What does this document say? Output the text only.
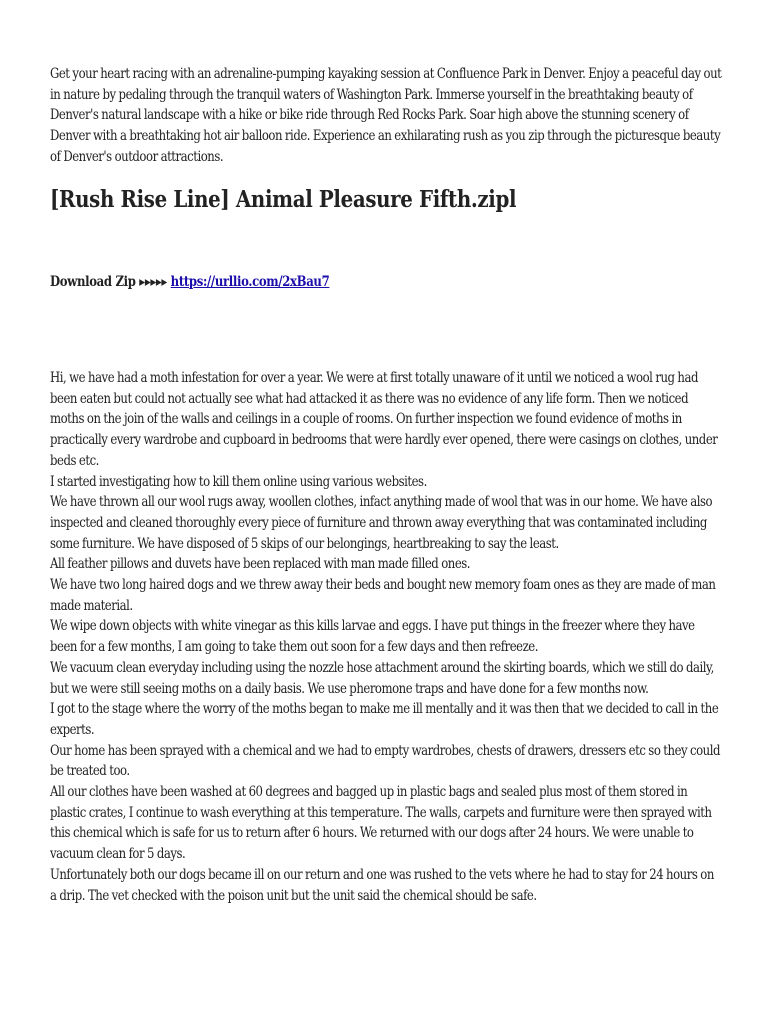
Get your heart racing with an adrenaline-pumping kayaking session at Confluence Park in Denver. Enjoy a peaceful day out in nature by pedaling through the tranquil waters of Washington Park. Immerse yourself in the breathtaking beauty of Denver's natural landscape with a hike or bike ride through Red Rocks Park. Soar high above the stunning scenery of Denver with a breathtaking hot air balloon ride. Experience an exhilarating rush as you zip through the picturesque beauty of Denver's outdoor attractions.

[Rush Rise Line] Animal Pleasure Fifth.zipl
Download Zip ▸▸▸▸▸ https://urllio.com/2xBau7

Hi, we have had a moth infestation for over a year. We were at first totally unaware of it until we noticed a wool rug had been eaten but could not actually see what had attacked it as there was no evidence of any life form. Then we noticed moths on the join of the walls and ceilings in a couple of rooms. On further inspection we found evidence of moths in practically every wardrobe and cupboard in bedrooms that were hardly ever opened, there were casings on clothes, under beds etc.

I started investigating how to kill them online using various websites.

We have thrown all our wool rugs away, woollen clothes, infact anything made of wool that was in our home. We have also inspected and cleaned thoroughly every piece of furniture and thrown away everything that was contaminated including some furniture. We have disposed of 5 skips of our belongings, heartbreaking to say the least.

All feather pillows and duvets have been replaced with man made filled ones.

We have two long haired dogs and we threw away their beds and bought new memory foam ones as they are made of man made material.

We wipe down objects with white vinegar as this kills larvae and eggs. I have put things in the freezer where they have been for a few months, I am going to take them out soon for a few days and then refreeze.

We vacuum clean everyday including using the nozzle hose attachment around the skirting boards, which we still do daily, but we were still seeing moths on a daily basis. We use pheromone traps and have done for a few months now.

I got to the stage where the worry of the moths began to make me ill mentally and it was then that we decided to call in the experts.

Our home has been sprayed with a chemical and we had to empty wardrobes, chests of drawers, dressers etc so they could be treated too.

All our clothes have been washed at 60 degrees and bagged up in plastic bags and sealed plus most of them stored in plastic crates, I continue to wash everything at this temperature. The walls, carpets and furniture were then sprayed with this chemical which is safe for us to return after 6 hours. We returned with our dogs after 24 hours. We were unable to vacuum clean for 5 days.

Unfortunately both our dogs became ill on our return and one was rushed to the vets where he had to stay for 24 hours on a drip. The vet checked with the poison unit but the unit said the chemical should be safe.
